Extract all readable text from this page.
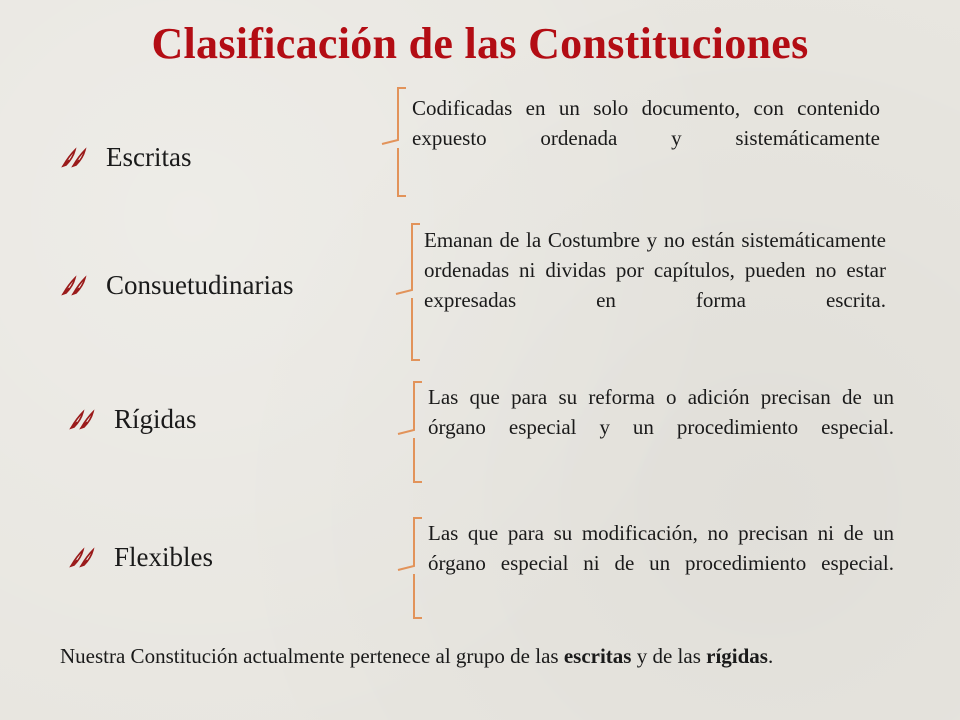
Clasificación de las Constituciones
Escritas
Codificadas en un solo documento, con contenido expuesto ordenada y sistemáticamente
Consuetudinarias
Emanan de la Costumbre y no están sistemáticamente ordenadas ni dividas por capítulos, pueden no estar expresadas en forma escrita.
Rígidas
Las que para su reforma o adición precisan de un órgano especial y un procedimiento especial.
Flexibles
Las que para su modificación, no precisan ni de un órgano especial ni de un procedimiento especial.
Nuestra Constitución actualmente pertenece al grupo de las escritas y de las rígidas.
